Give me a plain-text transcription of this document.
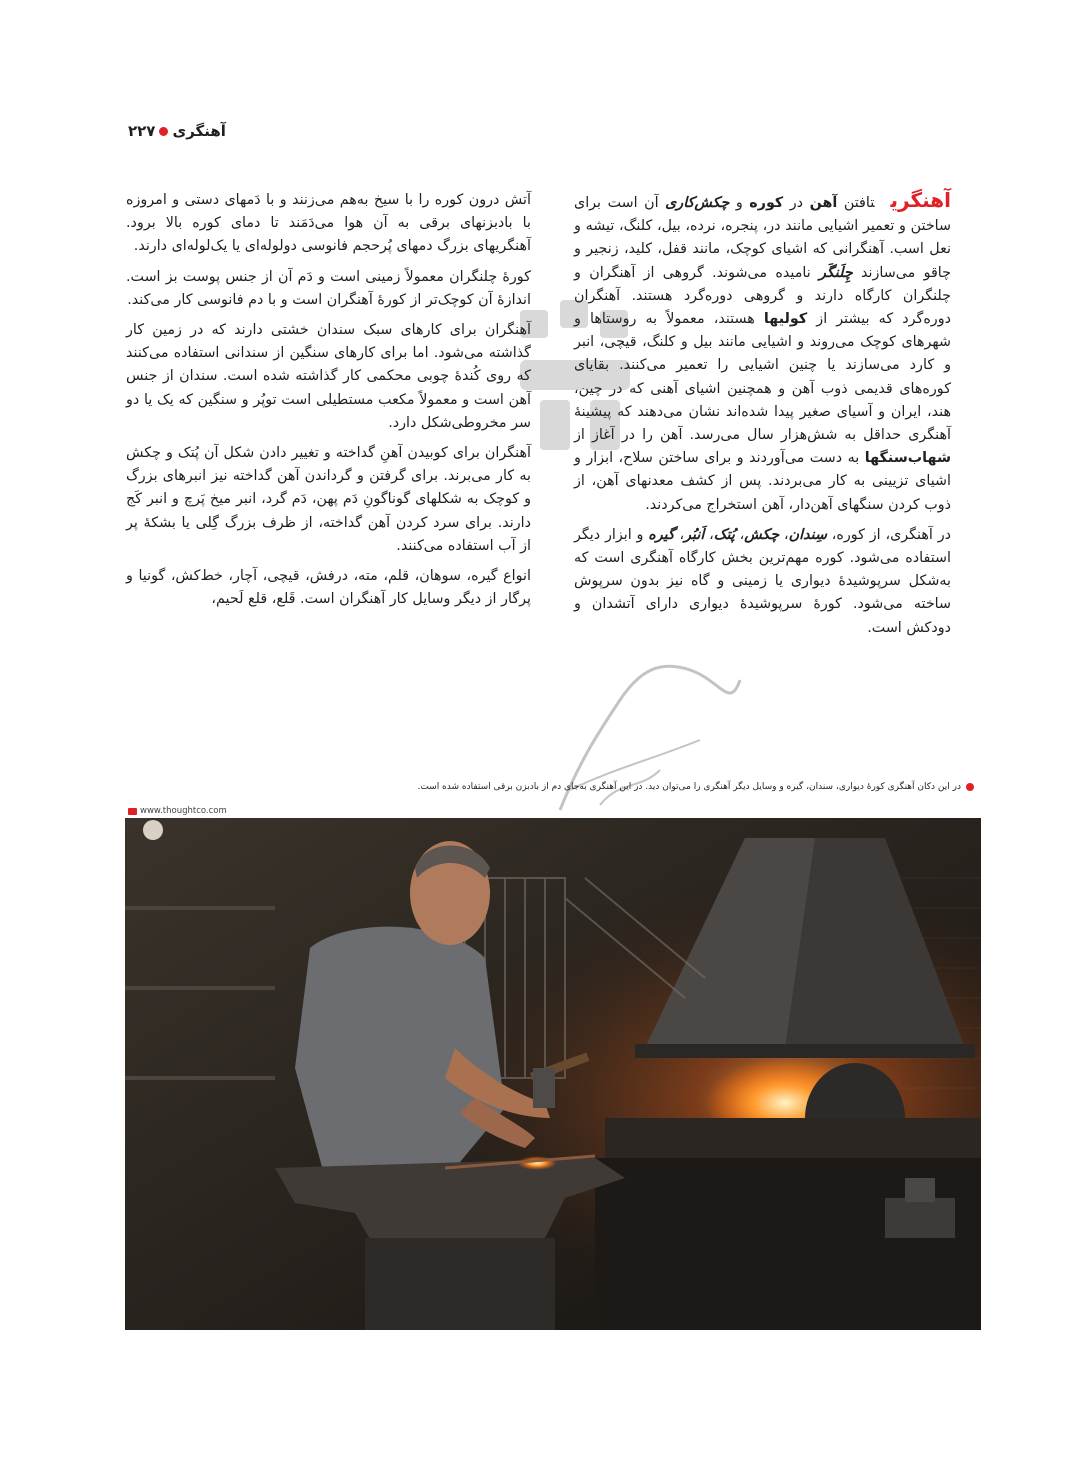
آهنگری
۲۲۷

آهنگریتافتن آهن در کوره و چکش‌کاری آن است برای ساختن و تعمیر اشیایی مانند در، پنجره، نرده، بیل، کلنگ، تیشه و نعل اسب. آهنگرانی که اشیای کوچک، مانند قفل، کلید، زنجیر و چاقو می‌سازند چِلَنگَر نامیده می‌شوند. گروهی از آهنگران و چلنگران کارگاه دارند و گروهی دوره‌گرد هستند. آهنگران دوره‌گرد که بیشتر از کولیها هستند، معمولاً به روستاها و شهرهای کوچک می‌روند و اشیایی مانند بیل و کلنگ، قیچی، انبر و کارد می‌سازند یا چنین اشیایی را تعمیر می‌کنند. بقایای کوره‌های قدیمی ذوب آهن و همچنین اشیای آهنی که در چین، هند، ایران و آسیای صغیر پیدا شده‌اند نشان می‌دهند که پیشینهٔ آهنگری حداقل به شش‌هزار سال می‌رسد. آهن را در آغاز از شهاب‌سنگها به دست می‌آوردند و برای ساختن سلاح، ابزار و اشیای تزیینی به کار می‌بردند. پس از کشف معدنهای آهن، از ذوب کردن سنگهای آهن‌دار، آهن استخراج می‌کردند.

در آهنگری، از کوره، سِندان، چکش، پُتک، اَنبُر، گیره و ابزار دیگر استفاده می‌شود. کوره مهم‌ترین بخش کارگاه آهنگری است که به‌شکل سرپوشیدهٔ دیواری یا زمینی و گاه نیز بدون سرپوش ساخته می‌شود. کورهٔ سرپوشیدهٔ دیواری دارای آتشدان و دودکش است.

آتش درون کوره را با سیخ به‌هم می‌زنند و با دَمهای دستی و امروزه با بادبزنهای برقی به آن هوا می‌دَمَند تا دمای کوره بالا برود. آهنگریهای بزرگ دمهای پُرحجم فانوسی دولوله‌ای یا یک‌لوله‌ای دارند.

کورهٔ چلنگران معمولاً زمینی است و دَم آن از جنس پوست بز است. اندازهٔ آن کوچک‌تر از کورهٔ آهنگران است و با دم فانوسی کار می‌کند.

آهنگران برای کارهای سبک سندان خشتی دارند که در زمین کار گذاشته می‌شود. اما برای کارهای سنگین از سندانی استفاده می‌کنند که روی کُندهٔ چوبی محکمی کار گذاشته شده است. سندان از جنس آهن است و معمولاً مکعب مستطیلی است توپُر و سنگین که یک یا دو سر مخروطی‌شکل دارد.

آهنگران برای کوبیدن آهنِ گداخته و تغییر دادن شکل آن پُتک و چکش به کار می‌برند. برای گرفتن و گرداندن آهن گداخته نیز انبرهای بزرگ و کوچک به شکلهای گوناگونِ دَم پهن، دَم گرد، انبر میخ پَرچ و انبر کَج دارند. برای سرد کردن آهن گداخته، از ظرف بزرگ گِلی یا بشکهٔ پر از آب استفاده می‌کنند.

انواع گیره، سوهان، قلم، مته، درفش، قیچی، آچار، خط‌کش، گونیا و پرگار از دیگر وسایل کار آهنگران است. قَلع، قلع لَحیم،

در این دکان آهنگری کورهٔ دیواری، سندان، گیره و وسایل دیگر آهنگری را می‌توان دید. در این آهنگری به‌جای دم از بادبزن برقی استفاده شده است.
www.thoughtco.com
